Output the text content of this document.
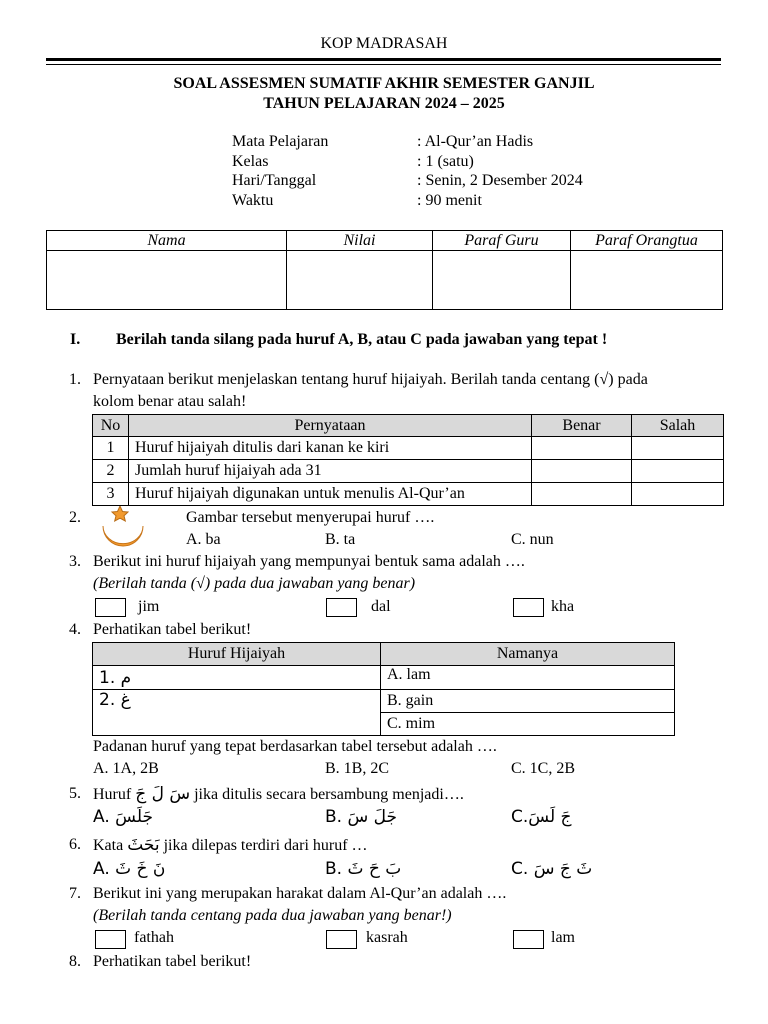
KOP MADRASAH
SOAL ASSESMEN SUMATIF AKHIR SEMESTER GANJIL
TAHUN PELAJARAN 2024 – 2025
Mata Pelajaran	: Al-Qur’an Hadis
Kelas	: 1 (satu)
Hari/Tanggal	: Senin, 2 Desember 2024
Waktu	: 90 menit
Nama	Nilai	Paraf Guru	Paraf Orangtua

I. Berilah tanda silang pada huruf A, B, atau C pada jawaban yang tepat !
1. Pernyataan berikut menjelaskan tentang huruf hijaiyah. Berilah tanda centang (√) pada
kolom benar atau salah!
No	Pernyataan	Benar	Salah
1	Huruf hijaiyah ditulis dari kanan ke kiri		
2	Jumlah huruf hijaiyah ada 31		
3	Huruf hijaiyah digunakan untuk menulis Al-Qur’an		
2.	Gambar tersebut menyerupai huruf ….
A. ba	B. ta	C. nun
3. Berikut ini huruf hijaiyah yang mempunyai bentuk sama adalah ….
(Berilah tanda (√) pada dua jawaban yang benar)
jim	dal	kha
4. Perhatikan tabel berikut!
Huruf Hijaiyah	Namanya
1. م	A. lam
2. غ	B. gain
	C. mim
Padanan huruf yang tepat berdasarkan tabel tersebut adalah ….
A. 1A, 2B	B. 1B, 2C	C. 1C, 2B
5. Huruf سَ لَ جَ jika ditulis secara bersambung menjadi….
A. جَلَسَ	B. جَلَ سَ	C.جَ لَسَ
6. Kata بَحَثَ jika dilepas terdiri dari huruf …
A. نَ خَ ثَ	B. بَ حَ ثَ	C. ثَ جَ سَ
7. Berikut ini yang merupakan harakat dalam Al-Qur’an adalah ….
(Berilah tanda centang pada dua jawaban yang benar!)
fathah	kasrah	lam
8. Perhatikan tabel berikut!
